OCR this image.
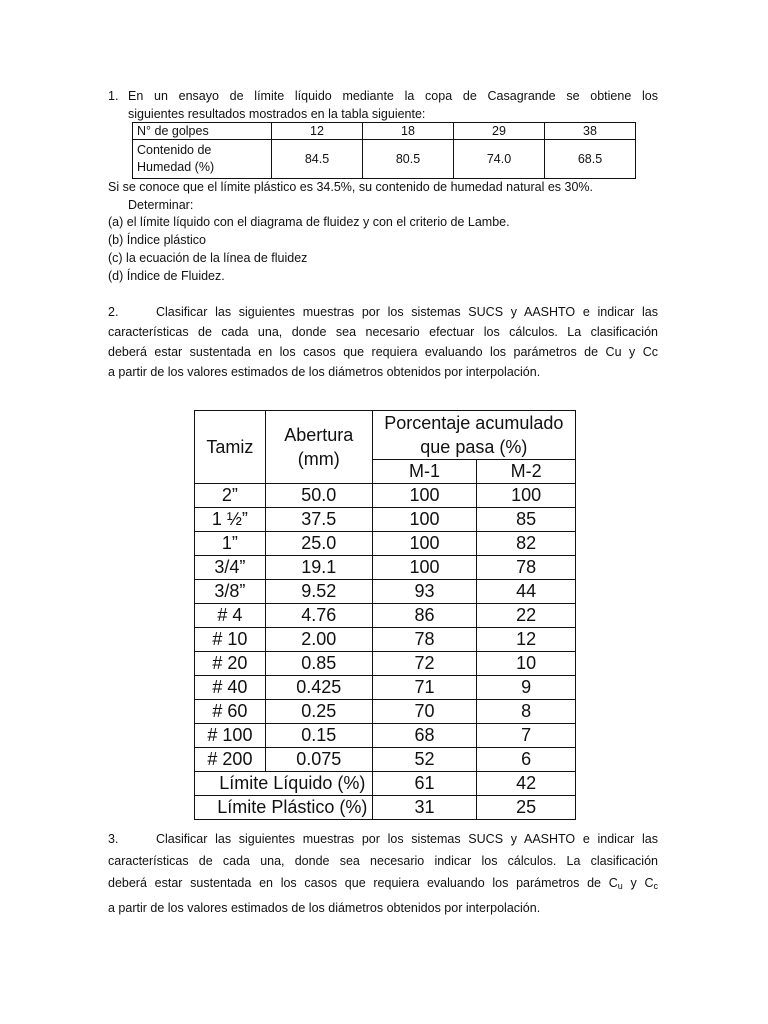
1. En un ensayo de límite líquido mediante la copa de Casagrande se obtiene los
siguientes resultados mostrados en la tabla siguiente:
N° de golpes	12	18	29	38
Contenido de
Humedad (%)	84.5	80.5	74.0	68.5

Si se conoce que el límite plástico es 34.5%, su contenido de humedad natural es 30%.

Determinar:

(a) el límite líquido con el diagrama de fluidez y con el criterio de Lambe.

(b) Índice plástico

(c) la ecuación de la línea de fluidez

(d) Índice de Fluidez.

2.	Clasificar las siguientes muestras por los sistemas SUCS y AASHTO e indicar las
características de cada una, donde sea necesario efectuar los cálculos. La clasificación
deberá estar sustentada en los casos que requiera evaluando los parámetros de Cu y Cc
a partir de los valores estimados de los diámetros obtenidos por interpolación.
Tamiz	Abertura
(mm)	Porcentaje acumulado
que pasa (%)	

		M-1	M-2
2”	50.0	100	100
1 ½”	37.5	100	85
1”	25.0	100	82
3/4”	19.1	100	78
3/8”	9.52	93	44
# 4	4.76	86	22
# 10	2.00	78	12
# 20	0.85	72	10
# 40	0.425	71	9
# 60	0.25	70	8
# 100	0.15	68	7
# 200	0.075	52	6
Límite Líquido (%)		61	42
Límite Plástico (%)		31	25
3.	Clasificar las siguientes muestras por los sistemas SUCS y AASHTO e indicar las
características de cada una, donde sea necesario indicar los cálculos. La clasificación
deberá estar sustentada en los casos que requiera evaluando los parámetros de $C_u$ y $C_c$
a partir de los valores estimados de los diámetros obtenidos por interpolación.
